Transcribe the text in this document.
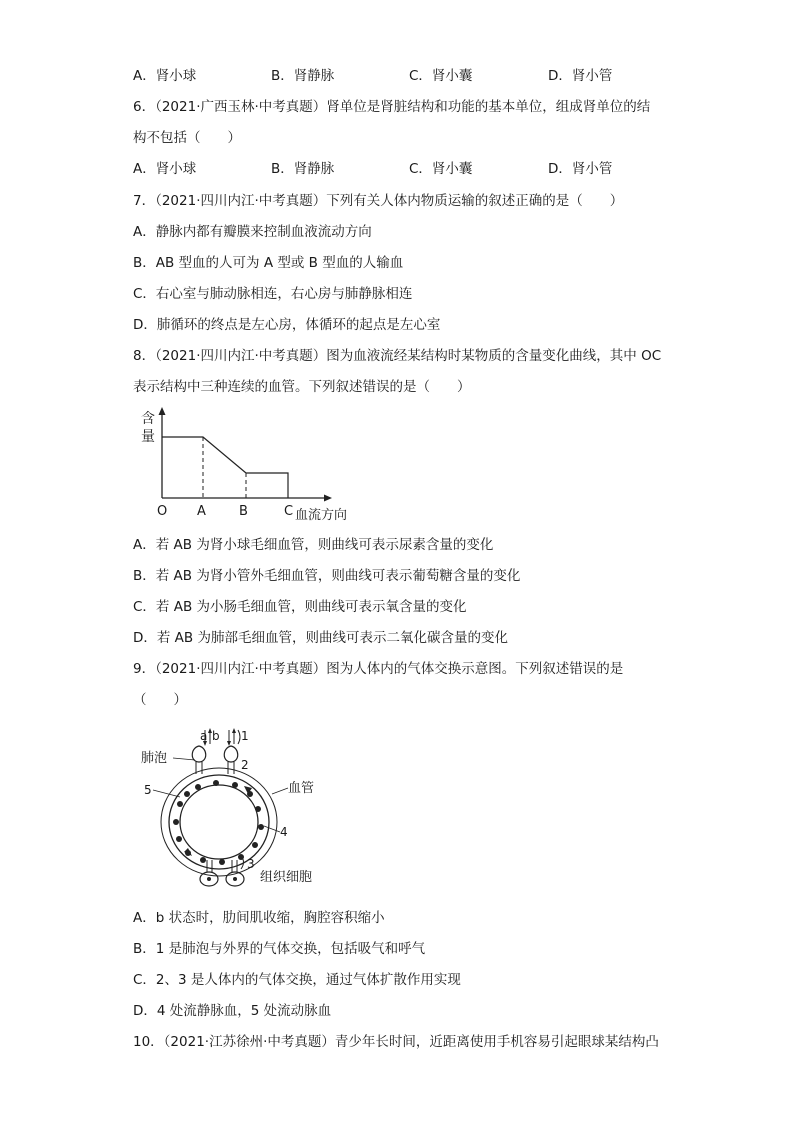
A．肾小球	B．肾静脉	C．肾小囊	D．肾小管
6．（2021·广西玉林·中考真题）肾单位是肾脏结构和功能的基本单位，组成肾单位的结
构不包括（　　）
A．肾小球	B．肾静脉	C．肾小囊	D．肾小管
7．（2021·四川内江·中考真题）下列有关人体内物质运输的叙述正确的是（　　）
A．静脉内都有瓣膜来控制血液流动方向
B．AB 型血的人可为 A 型或 B 型血的人输血
C．右心室与肺动脉相连，右心房与肺静脉相连
D．肺循环的终点是左心房，体循环的起点是左心室
8．（2021·四川内江·中考真题）图为血液流经某结构时某物质的含量变化曲线，其中 OC
表示结构中三种连续的血管。下列叙述错误的是（　　）
含
量
O A	B	C 血流方向
A．若 AB 为肾小球毛细血管，则曲线可表示尿素含量的变化
B．若 AB 为肾小管外毛细血管，则曲线可表示葡萄糖含量的变化
C．若 AB 为小肠毛细血管，则曲线可表示氧含量的变化
D．若 AB 为肺部毛细血管，则曲线可表示二氧化碳含量的变化
9．（2021·四川内江·中考真题）图为人体内的气体交换示意图。下列叙述错误的是
（　　）
a b 1
2
3
4
5
肺泡
血管
组织细胞
A．b 状态时，肋间肌收缩，胸腔容积缩小
B．1 是肺泡与外界的气体交换，包括吸气和呼气
C．2、3 是人体内的气体交换，通过气体扩散作用实现
D．4 处流静脉血，5 处流动脉血
10．（2021·江苏徐州·中考真题）青少年长时间，近距离使用手机容易引起眼球某结构凸
